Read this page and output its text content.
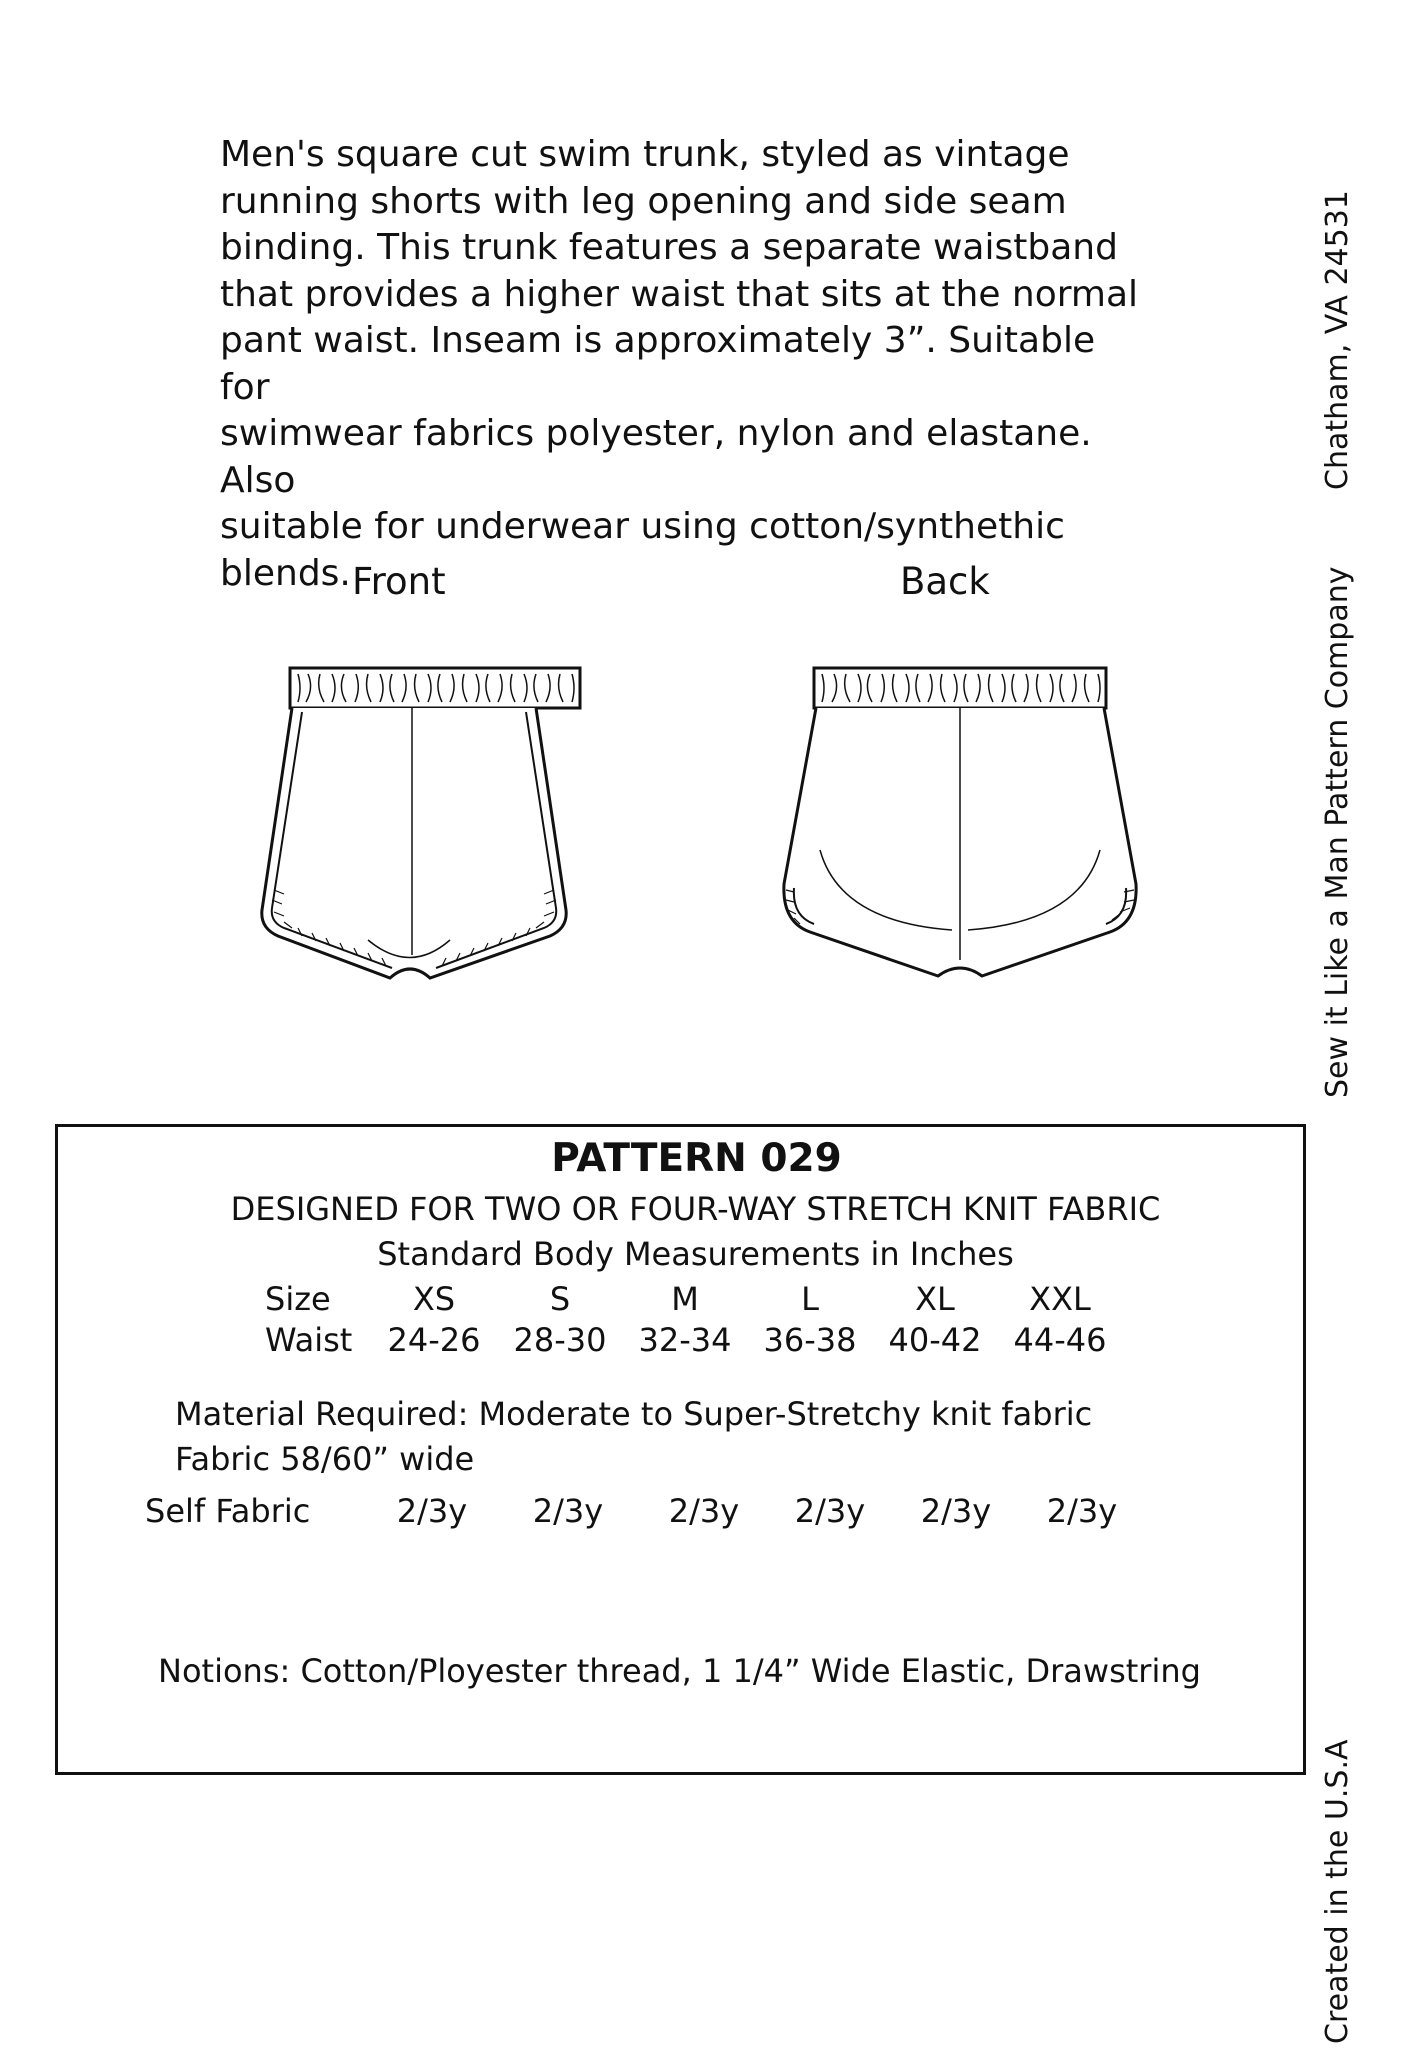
Men's square cut swim trunk, styled as vintage
running shorts with leg opening and side seam
binding. This trunk features a separate waistband
that provides a higher waist that sits at the normal
pant waist. Inseam is approximately 3”. Suitable for
swimwear fabrics polyester, nylon and elastane. Also
suitable for underwear using cotton/synthethic
blends. Front	Back
Chatham, VA 24531
Sew it Like a Man Pattern Company
Created in the U.S.A
PATTERN 029
DESIGNED FOR TWO OR FOUR-WAY STRETCH KNIT FABRIC
Standard Body Measurements in Inches
Size	XS	S	M	L	XL	XXL
Waist	24-26	28-30	32-34	36-38	40-42	44-46
Material Required: Moderate to Super-Stretchy knit fabric
Fabric 58/60” wide
Self Fabric	2/3y	2/3y	2/3y	2/3y	2/3y	2/3y
Notions: Cotton/Ployester thread, 1 1/4” Wide Elastic, Drawstring
